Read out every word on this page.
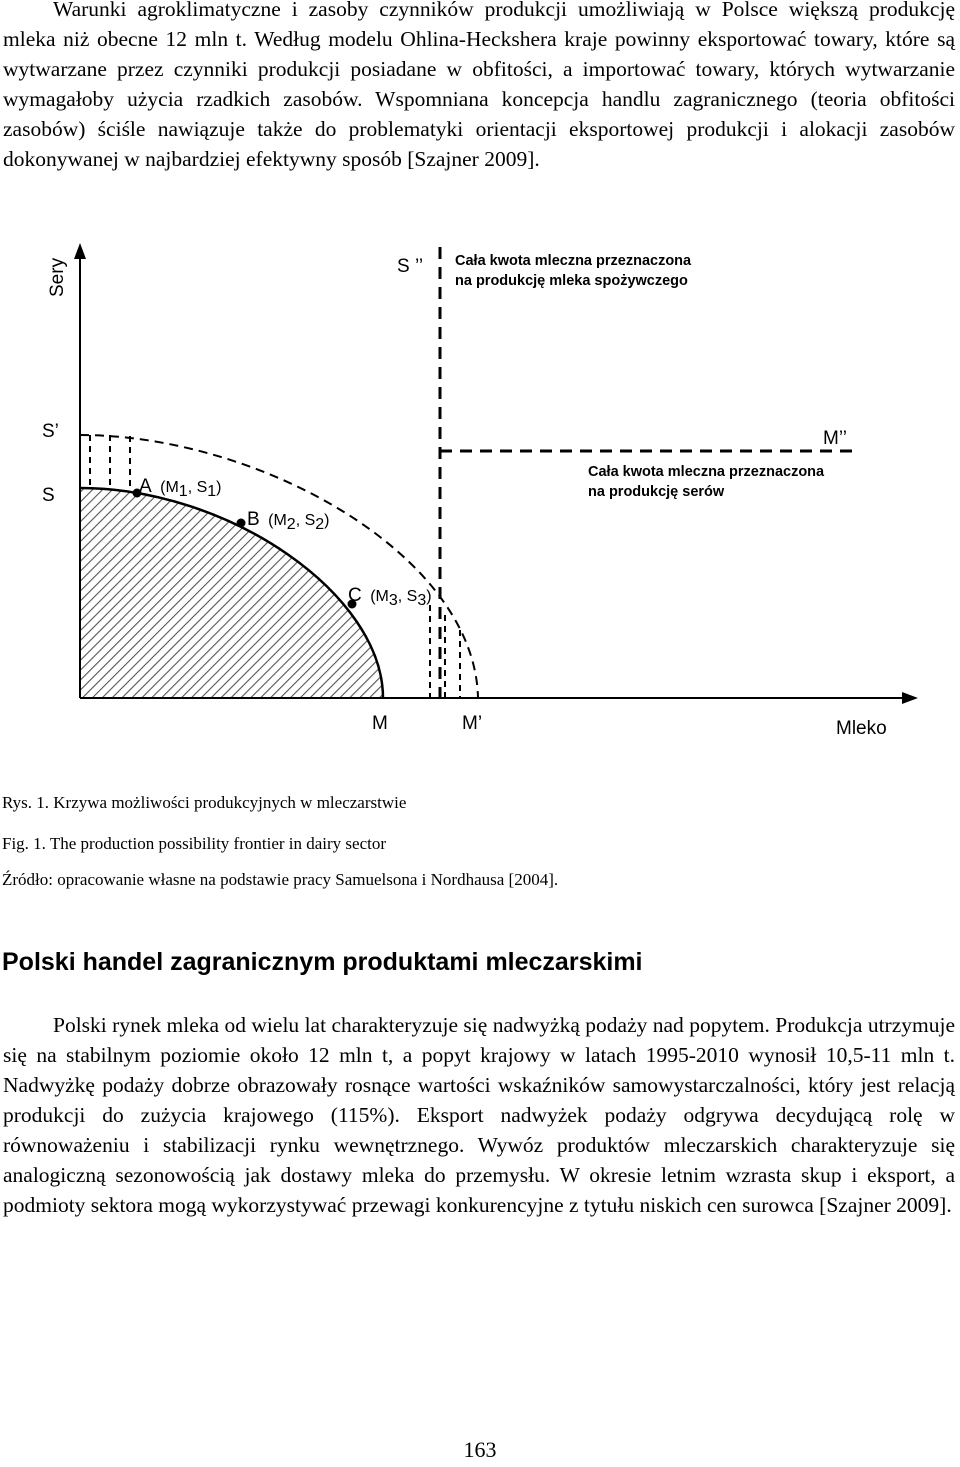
Warunki agroklimatyczne i zasoby czynników produkcji umożliwiają w Polsce większą produkcję mleka niż obecne 12 mln t. Według modelu Ohlina-Heckshera kraje powinny eksportować towary, które są wytwarzane przez czynniki produkcji posiadane w obfitości, a importować towary, których wytwarzanie wymagałoby użycia rzadkich zasobów. Wspomniana koncepcja handlu zagranicznego (teoria obfitości zasobów) ściśle nawiązuje także do problematyki orientacji eksportowej produkcji i alokacji zasobów dokonywanej w najbardziej efektywny sposób [Szajner 2009].

Sery
Mleko
S ’’
S’
S
M’’
M	M’
Cała kwota mleczna przeznaczona
na produkcję mleka spożywczego
Cała kwota mleczna przeznaczona
na produkcję serów
A (M1, S1)
B (M2, S2)
C (M3, S3)

Rys. 1. Krzywa możliwości produkcyjnych w mleczarstwie

Fig. 1. The production possibility frontier in dairy sector

Źródło: opracowanie własne na podstawie pracy Samuelsona i Nordhausa [2004].

Polski handel zagranicznym produktami mleczarskimi

Polski rynek mleka od wielu lat charakteryzuje się nadwyżką podaży nad popytem. Produkcja utrzymuje się na stabilnym poziomie około 12 mln t, a popyt krajowy w latach 1995-2010 wynosił 10,5-11 mln t. Nadwyżkę podaży dobrze obrazowały rosnące wartości wskaźników samowystarczalności, który jest relacją produkcji do zużycia krajowego (115%). Eksport nadwyżek podaży odgrywa decydującą rolę w równoważeniu i stabilizacji rynku wewnętrznego. Wywóz produktów mleczarskich charakteryzuje się analogiczną sezonowością jak dostawy mleka do przemysłu. W okresie letnim wzrasta skup i eksport, a podmioty sektora mogą wykorzystywać przewagi konkurencyjne z tytułu niskich cen surowca [Szajner 2009].

163
